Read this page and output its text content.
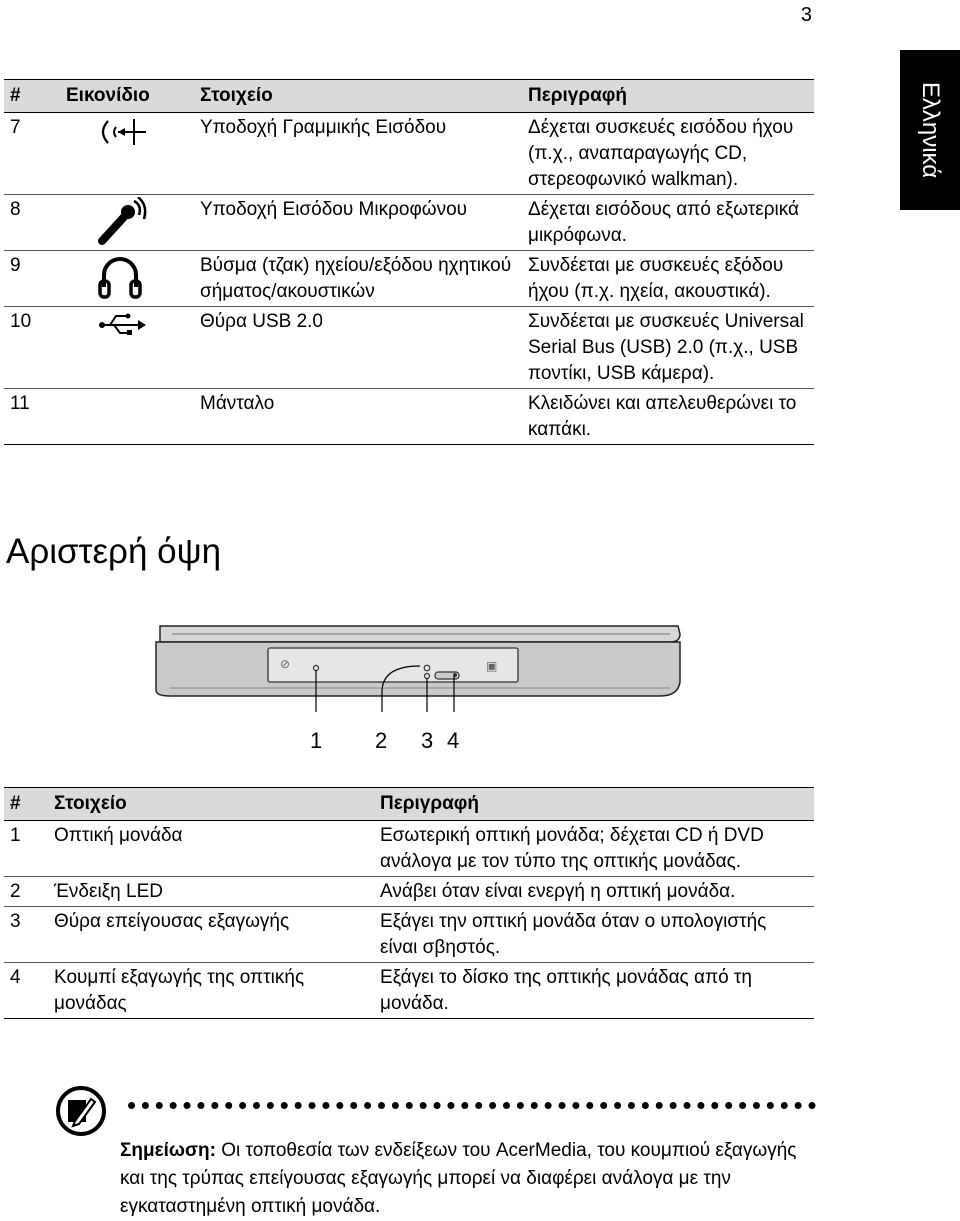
3
Ελληνικά
#	Εικονίδιο	Στοιχείο	Περιγραφή
7		Υποδοχή Γραμμικής Εισόδου	Δέχεται συσκευές εισόδου ήχου (π.χ., αναπαραγωγής CD, στερεοφωνικό walkman).
8		Υποδοχή Εισόδου Μικροφώνου	Δέχεται εισόδους από εξωτερικά μικρόφωνα.
9		Βύσμα (τζακ) ηχείου/εξόδου ηχητικού σήματος/ακουστικών	Συνδέεται με συσκευές εξόδου ήχου (π.χ. ηχεία, ακουστικά).
10		Θύρα USB 2.0	Συνδέεται με συσκευές Universal Serial Bus (USB) 2.0 (π.χ., USB ποντίκι, USB κάμερα).
11		Μάνταλο	Κλειδώνει και απελευθερώνει το καπάκι.
Αριστερή όψη
⊘	▣
1 2 3 4
#	Στοιχείο	Περιγραφή
1	Οπτική μονάδα	Εσωτερική οπτική μονάδα; δέχεται CD ή DVD ανάλογα με τον τύπο της οπτικής μονάδας.
2	Ένδειξη LED	Ανάβει όταν είναι ενεργή η οπτική μονάδα.
3	Θύρα επείγουσας εξαγωγής	Εξάγει την οπτική μονάδα όταν ο υπολογιστής είναι σβηστός.
4	Κουμπί εξαγωγής της οπτικής μονάδας	Εξάγει το δίσκο της οπτικής μονάδας από τη μονάδα.
Σημείωση: Οι τοποθεσία των ενδείξεων του AcerMedia, του κουμπιού εξαγωγής και της τρύπας επείγουσας εξαγωγής μπορεί να διαφέρει ανάλογα με την εγκαταστημένη οπτική μονάδα.
